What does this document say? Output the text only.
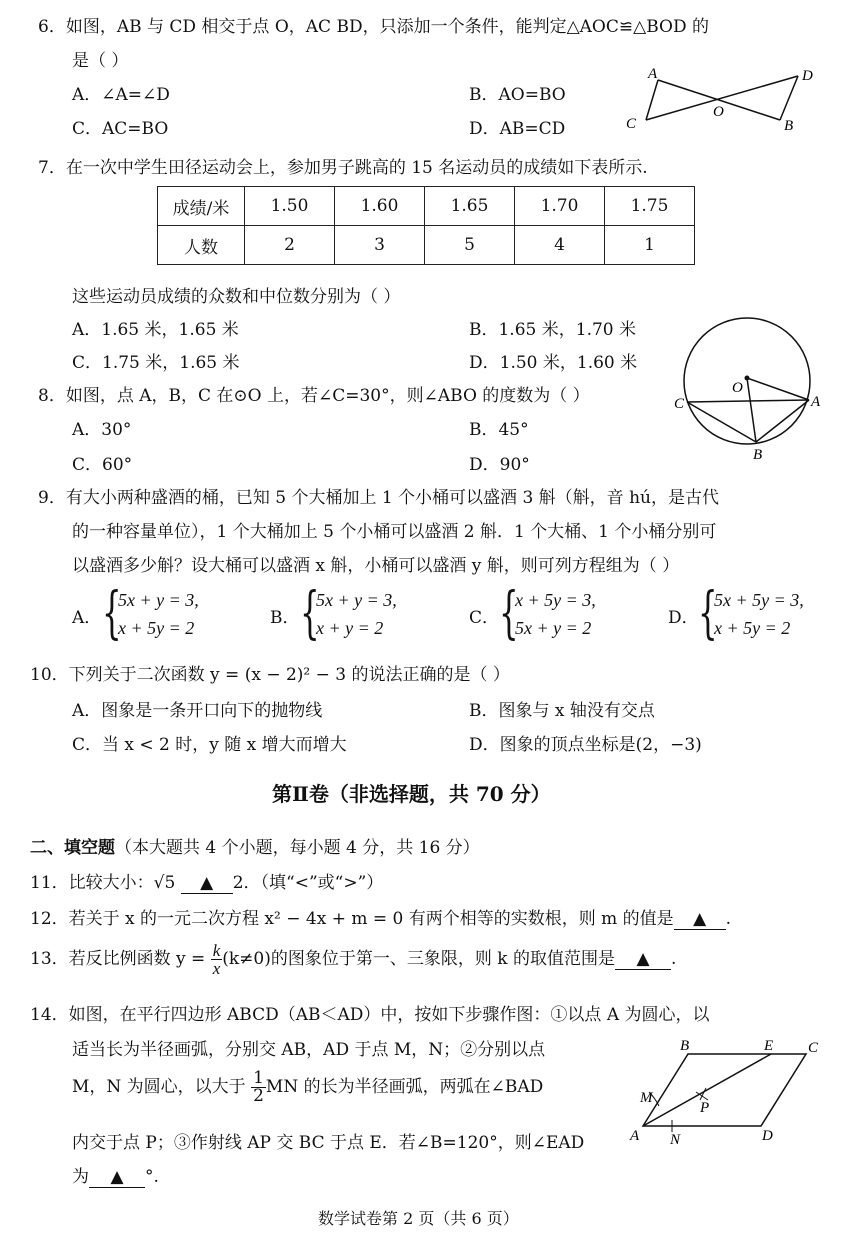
6．如图，AB 与 CD 相交于点 O，AC BD，只添加一个条件，能判定△AOC≌△BOD 的
是（ ）
A．∠A=∠D	B．AO=BO
C．AC=BO	D．AB=CD
A	D
C	B
O
7．在一次中学生田径运动会上，参加男子跳高的 15 名运动员的成绩如下表所示.
成绩/米	1.50	1.60	1.65	1.70	1.75
人数	2	3	5	4	1
这些运动员成绩的众数和中位数分别为（ ）
A．1.65 米，1.65 米	B．1.65 米，1.70 米
C．1.75 米，1.65 米	D．1.50 米，1.60 米
8．如图，点 A，B，C 在⊙O 上，若∠C=30°，则∠ABO 的度数为（ ）
A．30°	B．45°
C．60°	D．90°
O
C	A
B
9．有大小两种盛酒的桶，已知 5 个大桶加上 1 个小桶可以盛酒 3 斛（斛，音 hú，是古代
的一种容量单位），1 个大桶加上 5 个小桶可以盛酒 2 斛．1 个大桶、1 个小桶分别可
以盛酒多少斛？设大桶可以盛酒 x 斛，小桶可以盛酒 y 斛，则可列方程组为（ ）
A． {
5x + y = 3,
x + 5y = 2	B． {
5x + y = 3,
x + y = 2	C． {
x + 5y = 3,
5x + y = 2	D． {
5x + 5y = 3,
x + 5y = 2
10．下列关于二次函数 y = (x − 2)² − 3 的说法正确的是（ ）
A．图象是一条开口向下的抛物线	B．图象与 x 轴没有交点
C．当 x < 2 时，y 随 x 增大而增大	D．图象的顶点坐标是(2，−3)
第Ⅱ卷（非选择题，共 70 分）
二、填空题（本大题共 4 个小题，每小题 4 分，共 16 分）
11．比较大小：√5 ▲ 2．（填“<”或“>”）
12．若关于 x 的一元二次方程 x² − 4x + m = 0 有两个相等的实数根，则 m 的值是 ▲ .
13．若反比例函数 $y = \frac{k}{x} (k\ne 0)$的图象位于第一、三象限，则 k 的取值范围是 ▲ .
14．如图，在平行四边形 ABCD（AB＜AD）中，按如下步骤作图：①以点 A 为圆心，以
适当长为半径画弧，分别交 AB，AD 于点 M，N；②分别以点
M，N 为圆心，以大于 $\frac{1}{2}$ MN 的长为半径画弧，两弧在∠BAD
内交于点 P；③作射线 AP 交 BC 于点 E．若∠B=120°，则∠EAD
为 ▲ °.
B	E C
M
P
A N	D
数学试卷第 2 页（共 6 页）
